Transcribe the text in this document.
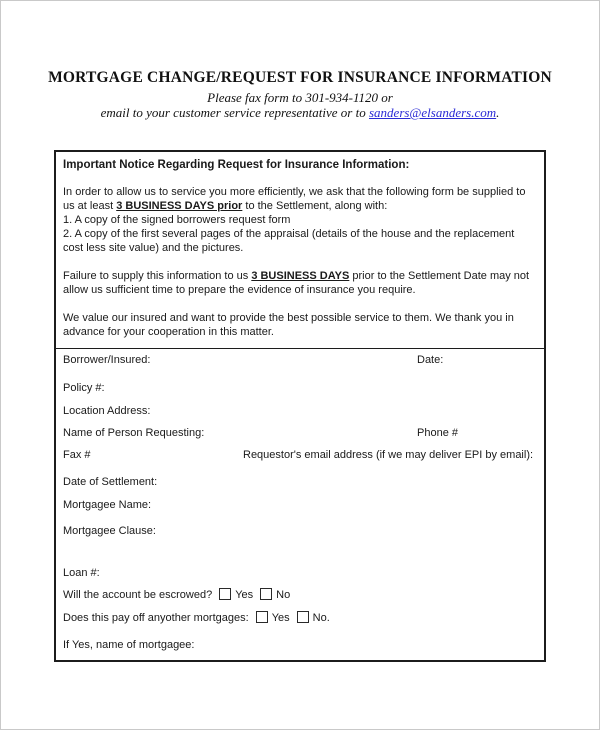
MORTGAGE CHANGE/REQUEST FOR INSURANCE INFORMATION
Please fax form to 301-934-1120 or
email to your customer service representative or to sanders@elsanders.com.
Important Notice Regarding Request for Insurance Information:
In order to allow us to service you more efficiently, we ask that the following form be supplied to us at least 3 BUSINESS DAYS prior to the Settlement, along with:
1. A copy of the signed borrowers request form
2. A copy of the first several pages of the appraisal (details of the house and the replacement cost less site value) and the pictures.
Failure to supply this information to us 3 BUSINESS DAYS prior to the Settlement Date may not allow us sufficient time to prepare the evidence of insurance you require.
We value our insured and want to provide the best possible service to them. We thank you in advance for your cooperation in this matter.
Borrower/Insured:	Date:
Policy #:
Location Address:
Name of Person Requesting:	Phone #
Fax #	Requestor's email address (if we may deliver EPI by email):
Date of Settlement:
Mortgagee Name:
Mortgagee Clause:
Loan #:
Will the account be escrowed? Yes No
Does this pay off anyother mortgages: Yes No.
If Yes, name of mortgagee:
